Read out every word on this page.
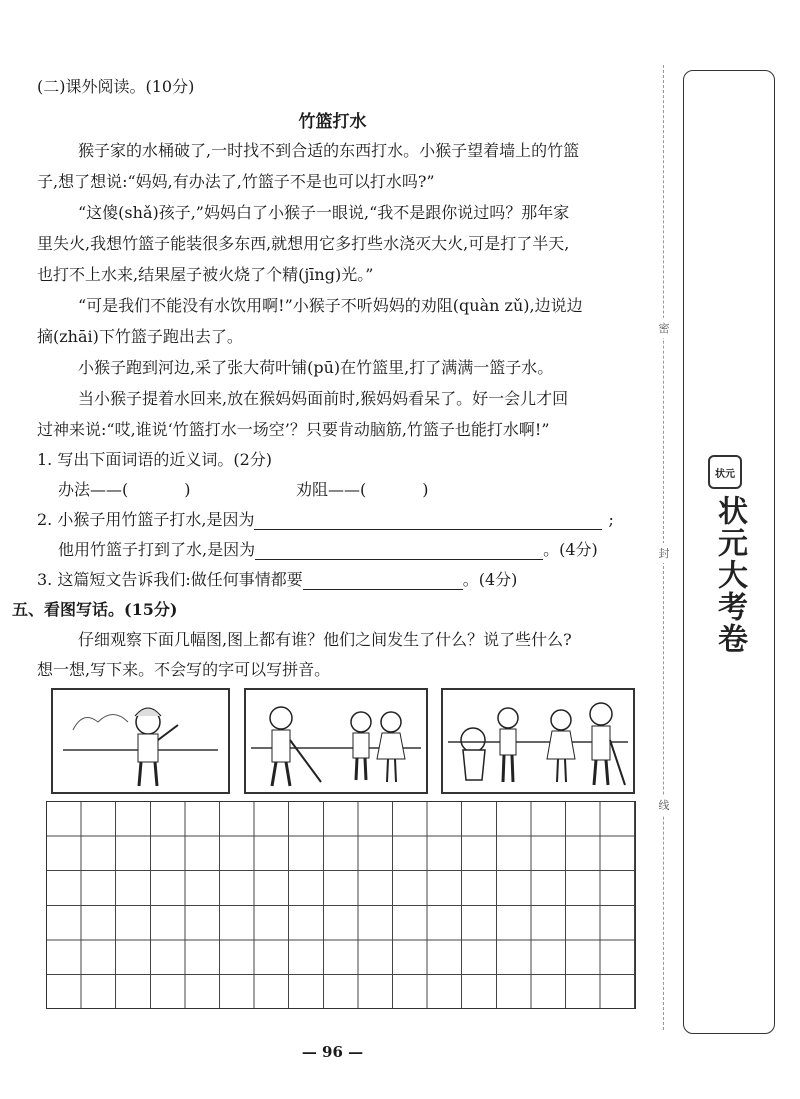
(二)课外阅读。(10分)
竹篮打水
猴子家的水桶破了,一时找不到合适的东西打水。小猴子望着墙上的竹篮
子,想了想说:“妈妈,有办法了,竹篮子不是也可以打水吗?”
“这傻(shǎ)孩子,”妈妈白了小猴子一眼说,“我不是跟你说过吗？那年家
里失火,我想竹篮子能装很多东西,就想用它多打些水浇灭大火,可是打了半天,
也打不上水来,结果屋子被火烧了个精(jīng)光。”
“可是我们不能没有水饮用啊!”小猴子不听妈妈的劝阻(quàn zǔ),边说边
摘(zhāi)下竹篮子跑出去了。
小猴子跑到河边,采了张大荷叶铺(pū)在竹篮里,打了满满一篮子水。
当小猴子提着水回来,放在猴妈妈面前时,猴妈妈看呆了。好一会儿才回
过神来说:“哎,谁说‘竹篮打水一场空’？只要肯动脑筋,竹篮子也能打水啊!”
1. 写出下面词语的近义词。(2分)
办法——(	)	劝阻——(	)
2. 小猴子用竹篮子打水,是因为	;
他用竹篮子打到了水,是因为	。(4分)
3. 这篇短文告诉我们:做任何事情都要	。(4分)
五、看图写话。(15分)
仔细观察下面几幅图,图上都有谁？他们之间发生了什么？说了些什么?
想一想,写下来。不会写的字可以写拼音。
— 96 —
密
封
线
状元
状元大考卷
